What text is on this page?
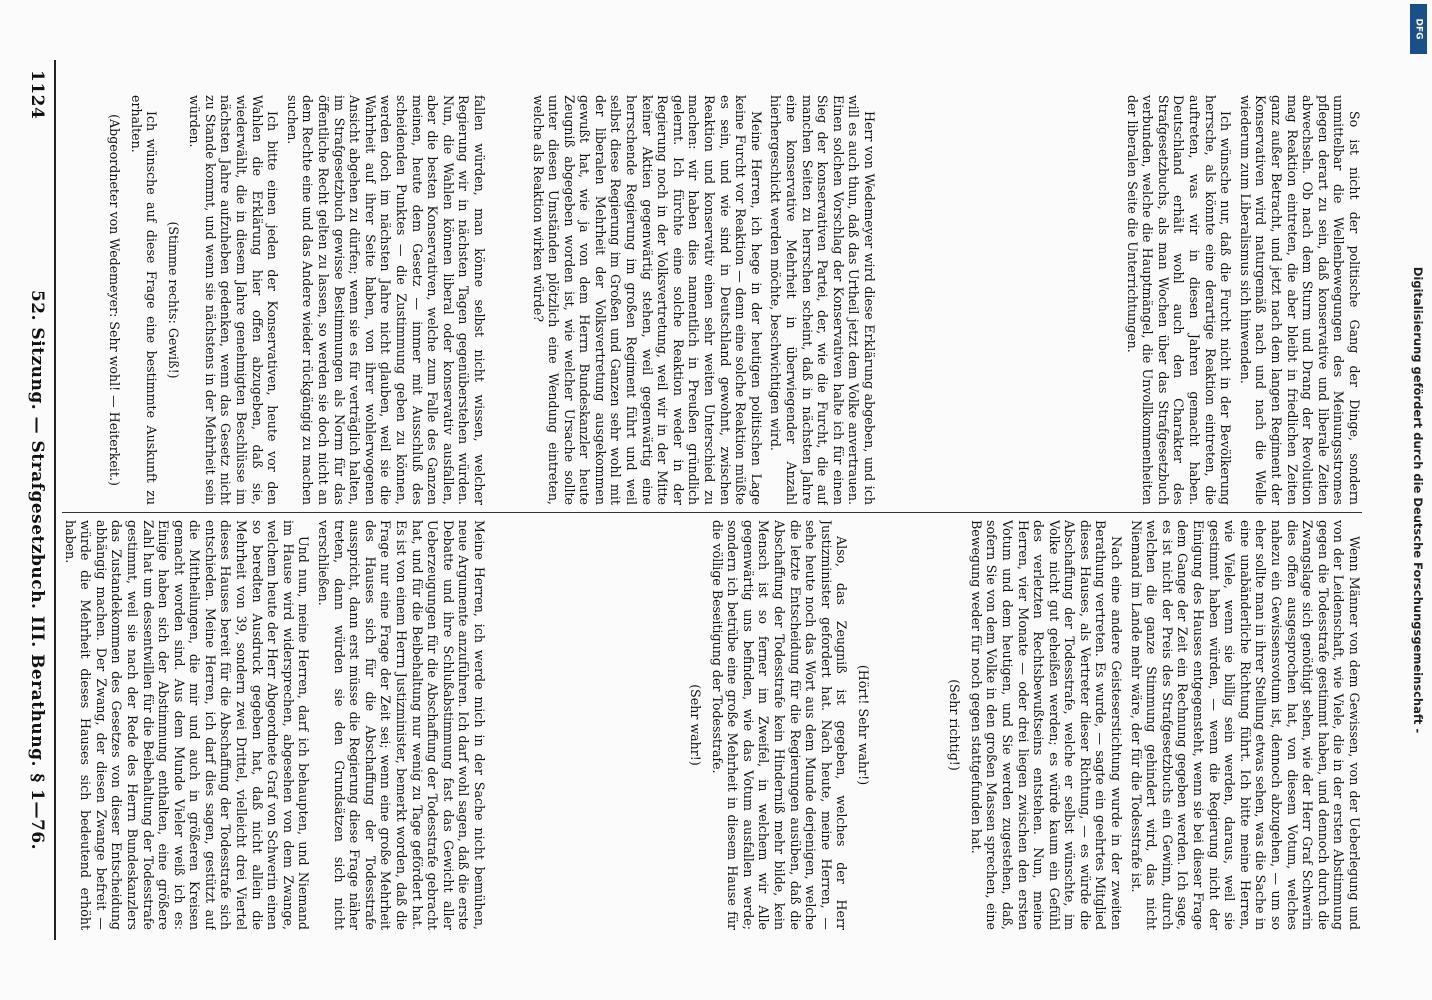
1124
52. Sitzung. — Strafgesetzbuch. III. Berathung. § 1—76.	fallen würden, man könne selbst nicht wissen, welcher Regierung wir in nächsten Tagen gegenüberstehen würden. Nun, die Wahlen können liberal oder konservativ ausfallen, aber die besten Konservativen, welche zum Falle des Ganzen meinen, heute dem Gesetz — immer mit Ausschluß des scheidenden Punktes — die Zustimmung geben zu können, werden doch im nächsten Jahre nicht glauben, weil sie die Wahrheit auf ihrer Seite haben, von ihrer wohlerwogenen Ansicht abgehen zu dürfen; wenn sie es für verträglich halten, im Strafgesetzbuch gewisse Bestimmungen als Norm für das öffentliche Recht gelten zu lassen, so werden sie doch nicht an dem Rechte eine und das Andere wieder rückgängig zu machen suchen.

Ich bitte einen jeden der Konservativen, heute vor den Wahlen die Erklärung hier offen abzugeben, daß sie, wiederwählt, die in diesem Jahre genehmigten Beschlüsse im nächsten Jahre aufzuheben gedenken, wenn das Gesetz nicht zu Stande kommt, und wenn sie nächstens in der Mehrheit sein würden.

(Stimme rechts: Gewiß!)

Ich wünsche auf diese Frage eine bestimmte Auskunft zu erhalten.

(Abgeordneter von Wedemeyer: Sehr wohl! — Heiterkeit.)	Herr von Wedemeyer wird diese Erklärung abgeben, und ich will es auch thun, daß das Urtheil jetzt dem Volke anvertrauen. Einen solchen Vorschlag der Konservativen halte ich für einen Sieg der konservativen Partei, der, wie die Furcht, die auf manchen Seiten zu herrschen scheint, daß in nächsten Jahre eine konservative Mehrheit in überwiegender Anzahl hierhergeschickt werden möchte, beschwichtigen wird.

Meine Herren, ich hege in der heutigen politischen Lage keine Furcht vor Reaktion — denn eine solche Reaktion müßte es sein, und wie sind in Deutschland gewohnt, zwischen Reaktion und konservativ einen sehr weiten Unterschied zu machen: wir haben dies namentlich in Preußen gründlich gelernt. Ich fürchte eine solche Reaktion weder in der Regierung noch in der Volksvertretung, weil wir in der Mitte keiner Aktien gegenwärtig stehen, weil gegenwärtig eine herrschende Regierung im großen Regiment führt und weil selbst diese Regierung im Großen und Ganzen sehr wohl mit der liberalen Mehrheit der Volksvertretung ausgekommen gewußt hat, wie ja von dem Herrn Bundeskanzler heute Zeugniß abgegeben worden ist, wie welcher Ursache sollte unter diesen Umständen plötzlich eine Wendung eintreten, welche als Reaktion wirken würde?	So ist nicht der politische Gang der Dinge, sondern unmittelbar die Wellenbewegungen des Meinungsstromes pflegen derart zu sein, daß konservative und liberale Zeiten abwechseln. Ob nach dem Sturm und Drang der Revolution mag Reaktion eintreten, die aber bleibt in friedlichen Zeiten ganz außer Betracht, und jetzt nach dem langen Regiment der Konservativen wird naturgemäß nach und nach die Welle wiederum zum Liberalismus sich hinwenden.

Ich wünsche nur, daß die Furcht nicht in der Bevölkerung herrsche, als könnte eine derartige Reaktion eintreten, die auftreten, was wir in diesen Jahren gemacht haben. Deutschland erhält wohl auch den Charakter des Strafgesetzbuchs, als man Wochen über das Strafgesetzbuch verbunden, welche die Hauptmängel, die Unvollkommenheiten der liberalen Seite die Unterrichtungen.

Meine Herren, ich werde mich in der Sache nicht bemühen, neue Argumente anzuführen. Ich darf wohl sagen, daß die erste Debatte und ihre Schlußabstimmung fast das Gewicht aller Ueberzeugungen für die Abschaffung der Todesstrafe gebracht hat, und für die Beibehaltung nur wenig zu Tage gefördert hat. Es ist von einem Herrn Justizminister, bemerkt worden, daß die Frage nur eine Frage der Zeit sei; wenn eine große Mehrheit des Hauses sich für die Abschaffung der Todesstrafe ausspricht, dann erst müsse die Regierung diese Frage näher treten, dann würden sie den Grundsätzen sich nicht verschließen.

Und nun, meine Herren, darf ich behaupten, und Niemand im Hause wird widersprechen, abgesehen von dem Zwange, welchem heute der Herr Abgeordnete Graf von Schwerin einen so beredten Ausdruck gegeben hat, daß nicht allein die Mehrheit von 39, sondern zwei Drittel, vielleicht drei Viertel dieses Hauses bereit für die Abschaffung der Todesstrafe sich entschieden. Meine Herren, ich darf dies sagen, gestützt auf die Mittheilungen, die mir und auch in größeren Kreisen gemacht worden sind. Aus dem Munde Vieler weiß ich es: Einige haben sich der Abstimmung enthalten, eine größere Zahl hat um dessentwillen für die Beibehaltung der Todesstrafe gestimmt, weil sie nach der Rede des Herrn Bundeskanzlers das Zustandekommen des Gesetzes von dieser Entscheidung abhängig machen. Der Zwang, der diesen Zwange befreit — würde die Mehrheit dieses Hauses sich bedeutend erhöht haben.

(Hört! Sehr wahr!)

Also, das Zeugniß ist gegeben, welches der Herr Justizminister gefordert hat. Nach heute, meine Herren, — sehe heute noch das Wort aus dem Munde derjenigen, welche die letzte Entscheidung für die Regierungen ausüben, daß die Abschaffung der Todesstrafe kein Hinderniß mehr bilde, kein Mensch ist so ferner im Zweifel, in welchem wir Alle gegenwärtig uns befinden, wie das Votum ausfallen werde; sondern ich betrübe eine große Mehrheit in diesem Hause für die völlige Beseitigung der Todesstrafe.

(Sehr wahr!)	Wenn Männer von dem Gewissen, von der Ueberlegung und von der Leidenschaft, wie Viele, die in der ersten Abstimmung gegen die Todesstrafe gestimmt haben, und dennoch durch die Zwangslage sich genöthigt sehen, wie der Herr Graf Schwerin dies offen ausgesprochen hat, von diesem Votum, welches nahezu ein Gewissensvotum ist, dennoch abzugehen, — um so eher sollte man in ihrer Stellung etwas sehen, was die Sache in eine unabänderliche Richtung führt. Ich bitte meine Herren, wie Viele, wenn sie billig sein werden, daraus, weil sie gestimmt haben würden, — wenn die Regierung nicht der Einigung des Hauses entgegensteht, wenn sie bei dieser Frage dem Gange der Zeit ein Rechnung gegeben werden. Ich sage, es ist nicht der Preis des Strafgesetzbuchs ein Gewinn, durch welchen die ganze Stimmung gehindert wird, das nicht Niemand im Lande mehr wäre, der für die Todesstrafe ist.

Nach eine andere Geisteserstichtung wurde in der zweiten Berathung vertreten. Es wurde, — sagte ein geehrtes Mitglied dieses Hauses, als Vertreter dieser Richtung, — es würde die Abschaffung der Todesstrafe, welche er selbst wünschte, im Volke nicht gut geheißen werden; es würde kaum ein Gefühl des verletzten Rechtsbewußtseins entstehen. Nun, meine Herren, vier Monate — oder drei liegen zwischen den ersten Votum und dem heutigen, und Sie werden zugestehen, daß, sofern Sie von dem Volke in den großen Massen sprechen, eine Bewegung weder für noch gegen stattgefunden hat.

(Sehr richtig!)

DFG
Digitalisierung gefördert durch die Deutsche Forschungsgemeinschaft -
